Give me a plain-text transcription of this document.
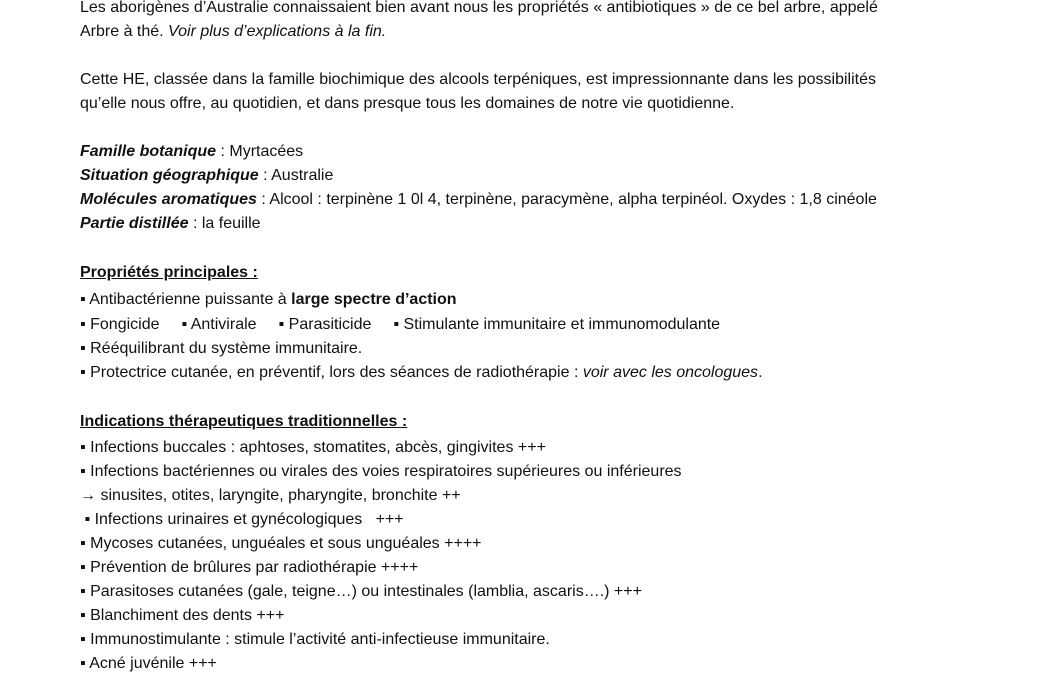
Les aborigènes d’Australie connaissaient bien avant nous les propriétés « antibiotiques » de ce bel arbre, appelé
Arbre à thé. Voir plus d’explications à la fin.
Cette HE, classée dans la famille biochimique des alcools terpéniques, est impressionnante dans les possibilités
qu’elle nous offre, au quotidien, et dans presque tous les domaines de notre vie quotidienne.
Famille botanique : Myrtacées
Situation géographique : Australie
Molécules aromatiques : Alcool : terpinène 1 0l 4, terpinène, paracymène, alpha terpinéol. Oxydes : 1,8 cinéole
Partie distillée : la feuille
Propriétés principales :
▪ Antibactérienne puissante à large spectre d’action
▪ Fongicide ▪ Antivirale ▪ Parasiticide ▪ Stimulante immunitaire et immunomodulante
▪ Rééquilibrant du système immunitaire.
▪ Protectrice cutanée, en préventif, lors des séances de radiothérapie : voir avec les oncologues.
Indications thérapeutiques traditionnelles :
▪ Infections buccales : aphtoses, stomatites, abcès, gingivites +++
▪ Infections bactériennes ou virales des voies respiratoires supérieures ou inférieures
→ sinusites, otites, laryngite, pharyngite, bronchite ++
▪ Infections urinaires et gynécologiques   +++
▪ Mycoses cutanées, unguéales et sous unguéales ++++
▪ Prévention de brûlures par radiothérapie ++++
▪ Parasitoses cutanées (gale, teigne…) ou intestinales (lamblia, ascaris….) +++
▪ Blanchiment des dents +++
▪ Immunostimulante : stimule l’activité anti-infectieuse immunitaire.
▪ Acné juvénile +++
